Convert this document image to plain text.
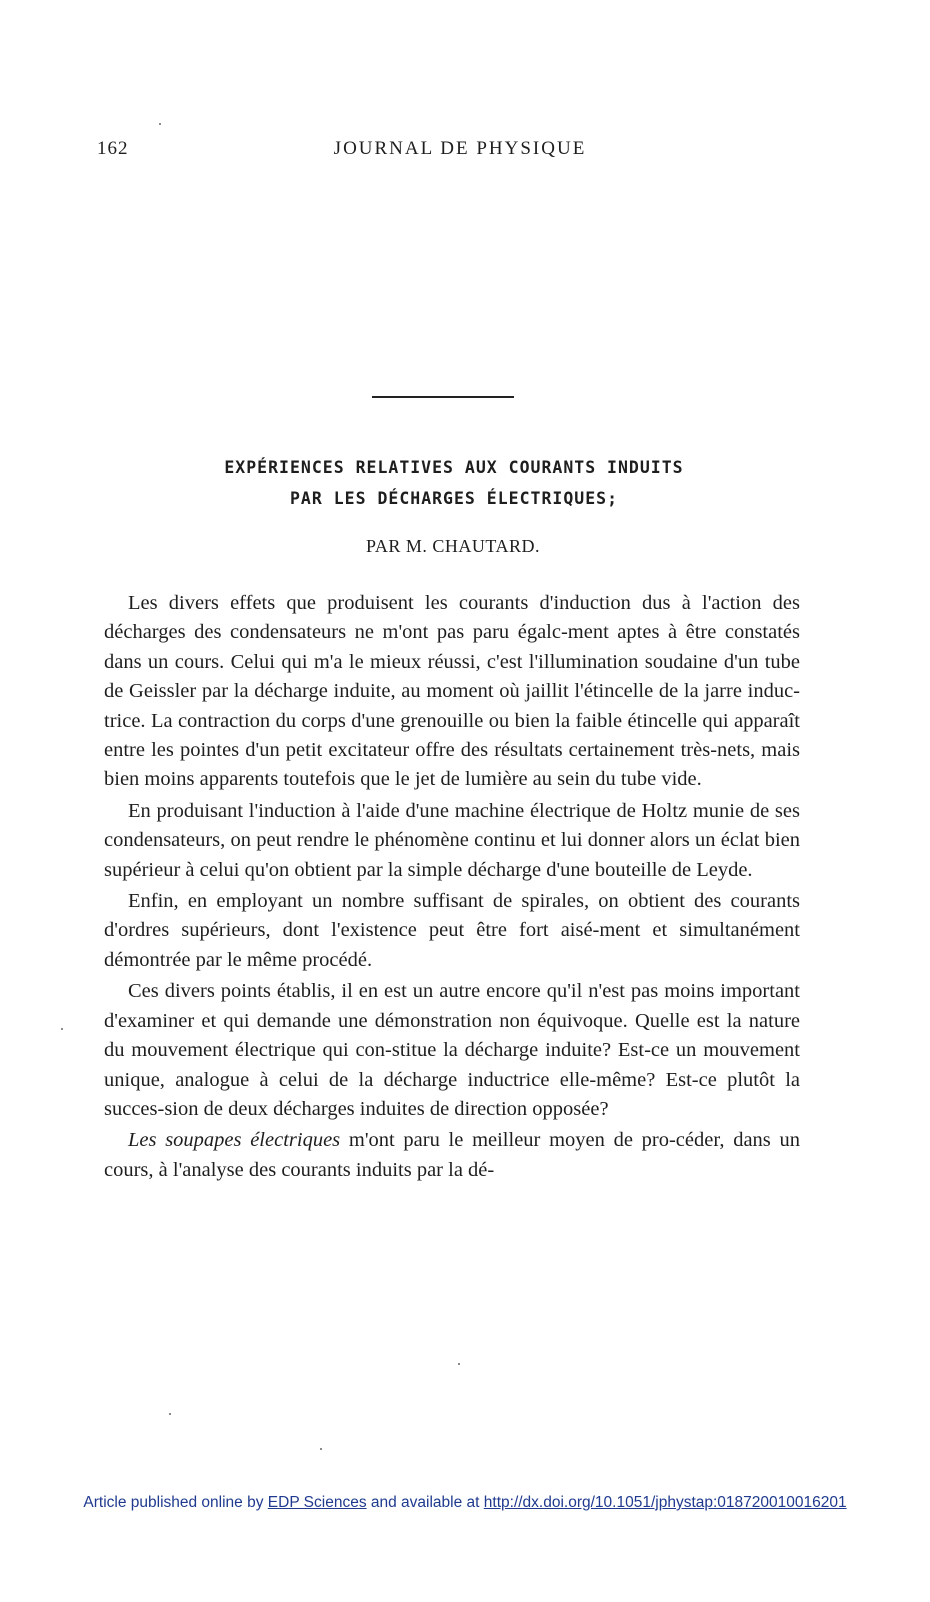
162	JOURNAL DE PHYSIQUE
EXPÉRIENCES RELATIVES AUX COURANTS INDUITS
PAR LES DÉCHARGES ÉLECTRIQUES;
PAR M. CHAUTARD.

Les divers effets que produisent les courants d'induction dus à l'action des décharges des condensateurs ne m'ont pas paru égalc-ment aptes à être constatés dans un cours. Celui qui m'a le mieux réussi, c'est l'illumination soudaine d'un tube de Geissler par la décharge induite, au moment où jaillit l'étincelle de la jarre induc-trice. La contraction du corps d'une grenouille ou bien la faible étincelle qui apparaît entre les pointes d'un petit excitateur offre des résultats certainement très-nets, mais bien moins apparents toutefois que le jet de lumière au sein du tube vide.

En produisant l'induction à l'aide d'une machine électrique de Holtz munie de ses condensateurs, on peut rendre le phénomène continu et lui donner alors un éclat bien supérieur à celui qu'on obtient par la simple décharge d'une bouteille de Leyde.

Enfin, en employant un nombre suffisant de spirales, on obtient des courants d'ordres supérieurs, dont l'existence peut être fort aisé-ment et simultanément démontrée par le même procédé.

Ces divers points établis, il en est un autre encore qu'il n'est pas moins important d'examiner et qui demande une démonstration non équivoque. Quelle est la nature du mouvement électrique qui con-stitue la décharge induite? Est-ce un mouvement unique, analogue à celui de la décharge inductrice elle-même? Est-ce plutôt la succes-sion de deux décharges induites de direction opposée?

Les soupapes électriques m'ont paru le meilleur moyen de pro-céder, dans un cours, à l'analyse des courants induits par la dé-

Article published online by EDP Sciences and available at http://dx.doi.org/10.1051/jphystap:018720010016201
